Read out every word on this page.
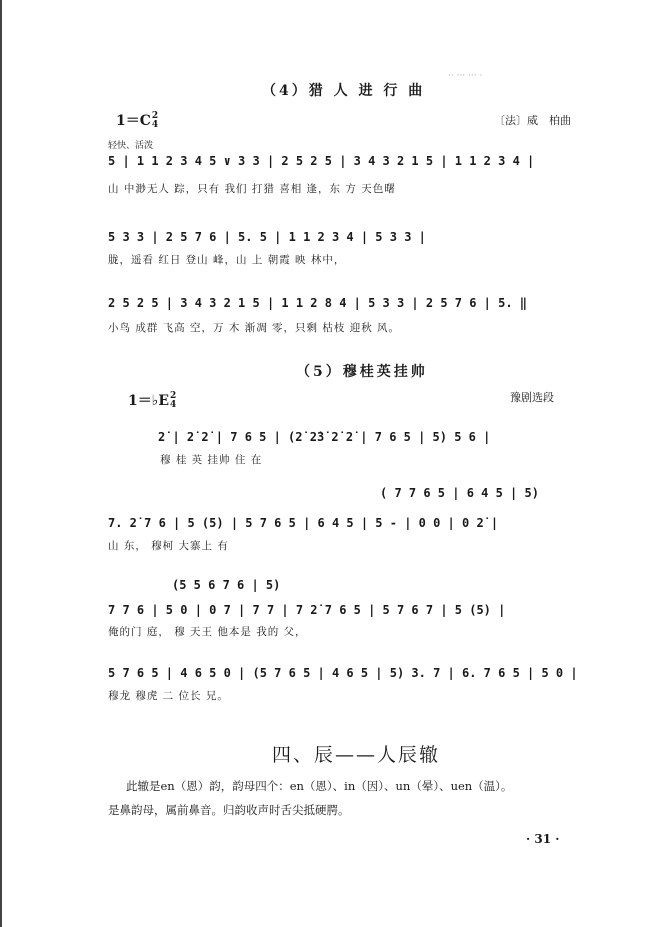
·· ··· ··· ·
（4）猎 人 进 行 曲
1＝C2
4	〔法〕威　柏曲
轻快、活泼
5 | 1 1 2 3 4 5 ∨ 3 3 | 2 5 2 5 | 3 4 3 2 1 5 | 1 1 2 3 4 |
山 中渺无人 踪，只有 我们 打猎 喜相 逢，东 方 天色曙
5 3 3 | 2 5 7 6 | 5. 5 | 1 1 2 3 4 | 5 3 3 |
胧，遥看 红日 登山 峰，山 上 朝霞 映 林中，
2 5 2 5 | 3 4 3 2 1 5 | 1 1 2 8 4 | 5 3 3 | 2 5 7 6 | 5. ‖
小鸟 成群 飞高 空，万 木 渐凋 零，只剩 枯枝 迎秋 风。
（5）穆桂英挂帅
1＝♭E2
4
豫剧选段
2̇ | 2̇ 2̇ | 7 6 5 | (2̇ 2̇3̇ 2̇ 2̇ | 7 6 5 | 5) 5 6 |
穆 桂 英 挂帅 住 在
( 7 7 6 5 | 6 4 5 | 5)
7. 2̇ 7 6 | 5 (5) | 5 7 6 5 | 6 4 5 | 5 - | 0 0 | 0 2̇ |
山 东， 穆柯 大寨上 有
(5 5 6 7 6 | 5)
7 7 6 | 5 0 | 0 7 | 7 7 | 7 2̇ 7 6 5 | 5 7 6 7 | 5 (5) |
俺的门 庭， 穆 天王 他本是 我的 父，
5 7 6 5 | 4 6 5 0 | (5 7 6 5 | 4 6 5 | 5) 3. 7 | 6. 7 6 5 | 5 0 |
穆龙 穆虎 二 位长 兄。
四、辰——人辰辙
此辙是en（恩）韵，韵母四个：en（恩）、in（因）、un（晕）、uen（温）。
是鼻韵母，属前鼻音。归韵收声时舌尖抵硬腭。
· 31 ·
